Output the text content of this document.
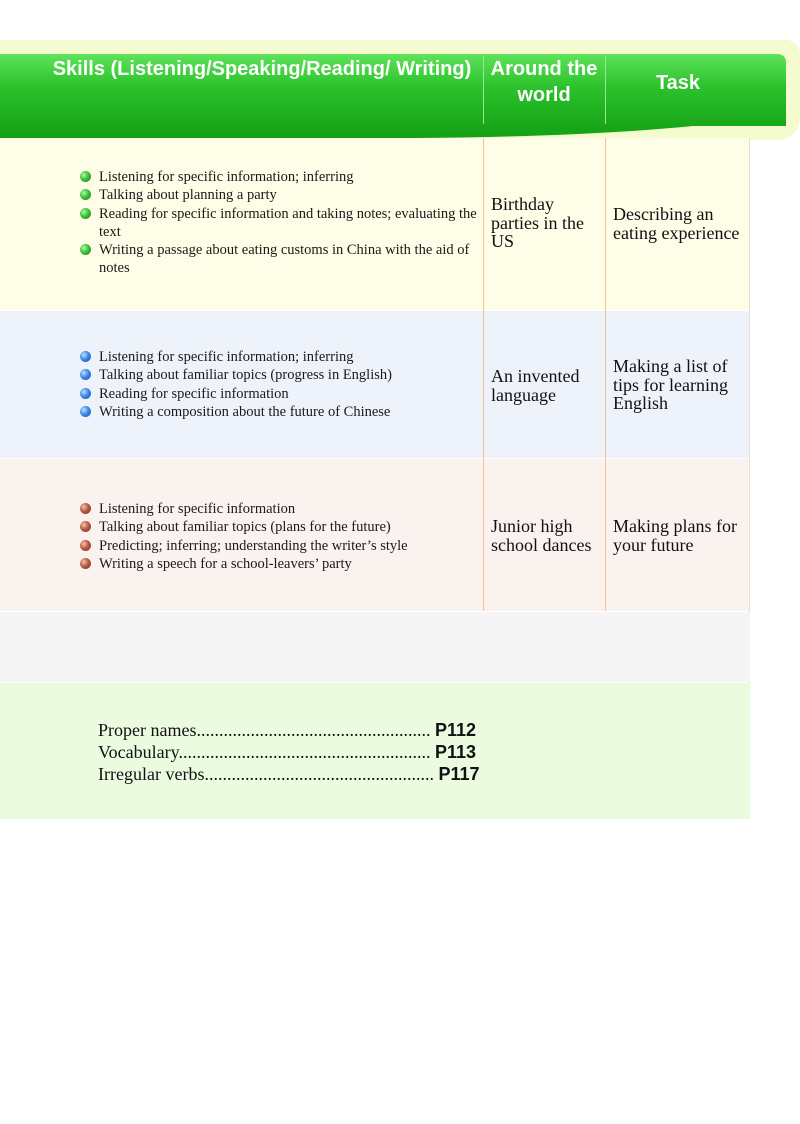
Skills (Listening/Speaking/Reading/ Writing) Around the world
Task
Listening for specific information; inferring
Talking about planning a party
Reading for specific information and taking notes; evaluating the text
Writing a passage about eating customs in China with the aid of notes
Birthday parties in the US
Describing an eating experience
Listening for specific information; inferring
Talking about familiar topics (progress in English)
Reading for specific information
Writing a composition about the future of Chinese
An invented language
Making a list of tips for learning English
Listening for specific information
Talking about familiar topics (plans for the future)
Predicting; inferring; understanding the writer’s style
Writing a speech for a school-leavers’ party
Junior high school dances
Making plans for your future
Proper names.................................................... P112
Vocabulary........................................................ P113
Irregular verbs................................................... P117
